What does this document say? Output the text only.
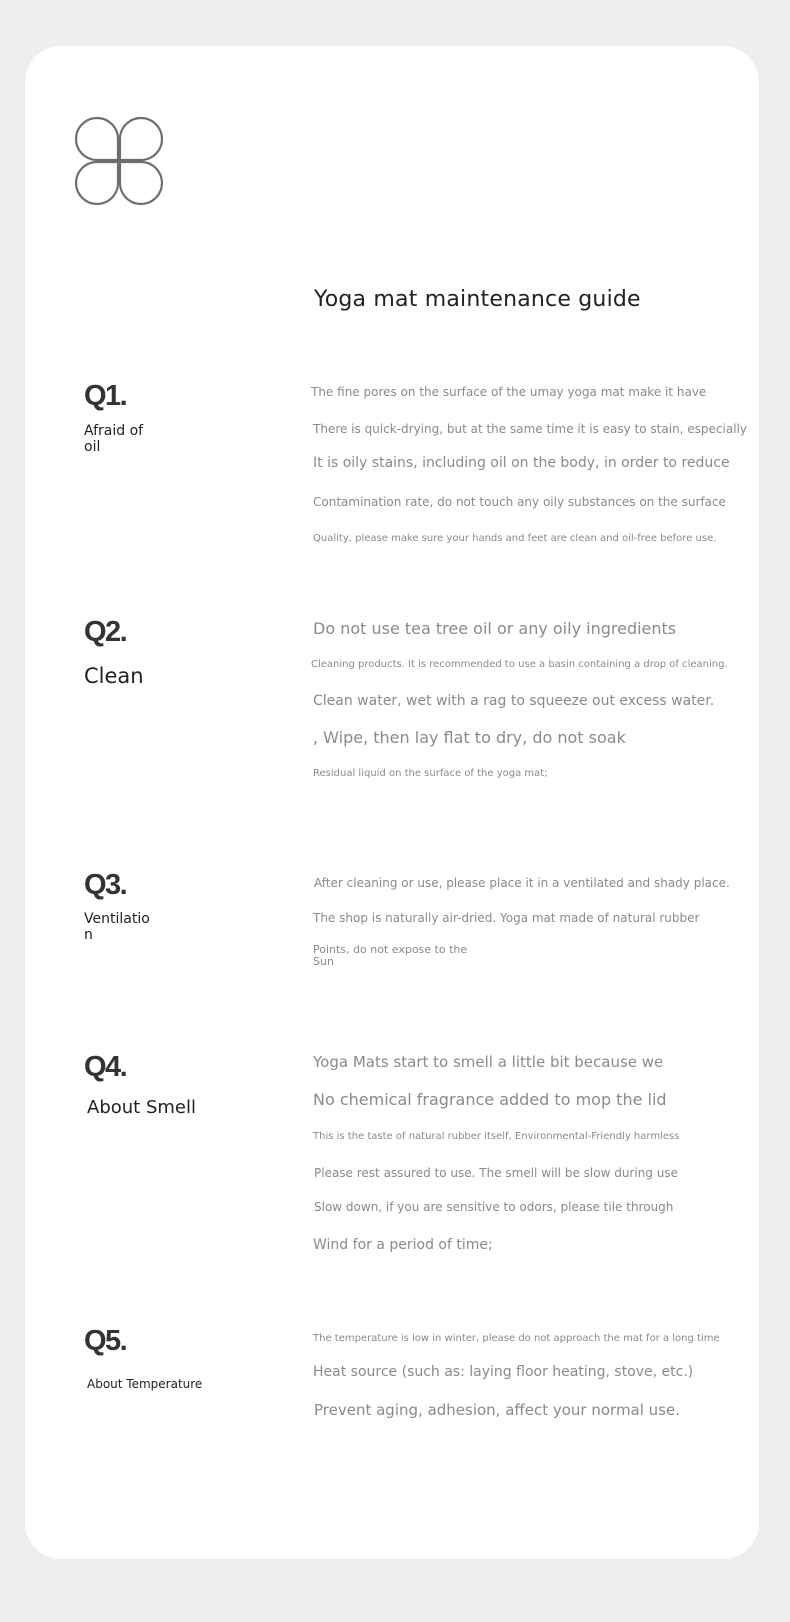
Yoga mat maintenance guide
Q1.
Afraid of
oil
The fine pores on the surface of the umay yoga mat make it have
There is quick-drying, but at the same time it is easy to stain, especially
It is oily stains, including oil on the body, in order to reduce
Contamination rate, do not touch any oily substances on the surface
Quality, please make sure your hands and feet are clean and oil-free before use.
Q2.
Clean
Do not use tea tree oil or any oily ingredients
Cleaning products. It is recommended to use a basin containing a drop of cleaning.
Clean water, wet with a rag to squeeze out excess water.
, Wipe, then lay flat to dry, do not soak
Residual liquid on the surface of the yoga mat;
Q3.
Ventilatio
n
After cleaning or use, please place it in a ventilated and shady place.
The shop is naturally air-dried. Yoga mat made of natural rubber
Points, do not expose to the
Sun
Q4.
About Smell
Yoga Mats start to smell a little bit because we
No chemical fragrance added to mop the lid
This is the taste of natural rubber itself, Environmental-Friendly harmless
Please rest assured to use. The smell will be slow during use
Slow down, if you are sensitive to odors, please tile through
Wind for a period of time;
Q5.
About Temperature
The temperature is low in winter, please do not approach the mat for a long time
Heat source (such as: laying floor heating, stove, etc.)
Prevent aging, adhesion, affect your normal use.
